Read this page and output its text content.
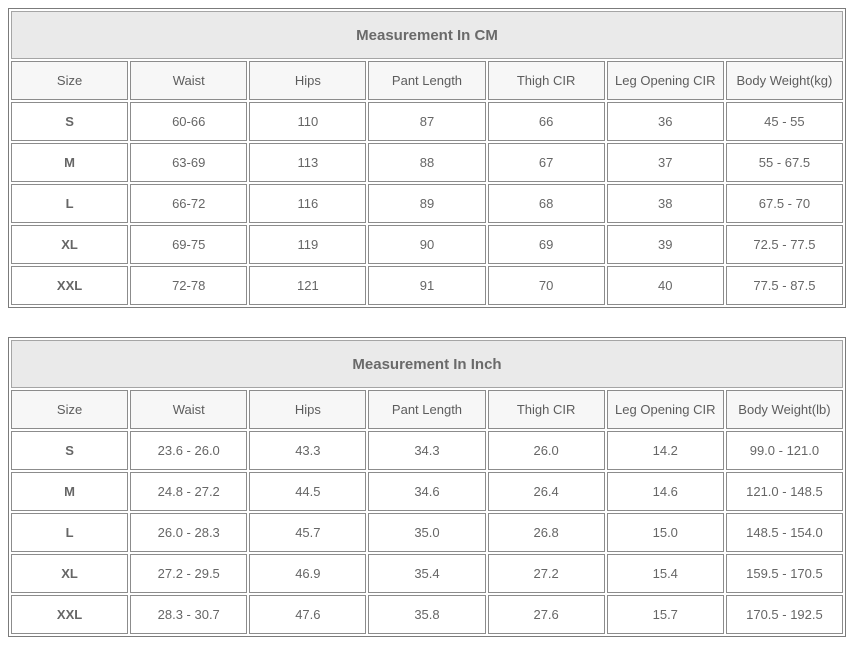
Measurement In CM						
Size	Waist	Hips	Pant Length	Thigh CIR	Leg Opening CIR	Body Weight(kg)
S	60-66	110	87	66	36	45 - 55
M	63-69	113	88	67	37	55 - 67.5
L	66-72	116	89	68	38	67.5 - 70
XL	69-75	119	90	69	39	72.5 - 77.5
XXL	72-78	121	91	70	40	77.5 - 87.5
Measurement In Inch						
Size	Waist	Hips	Pant Length	Thigh CIR	Leg Opening CIR	Body Weight(lb)
S	23.6 - 26.0	43.3	34.3	26.0	14.2	99.0 - 121.0
M	24.8 - 27.2	44.5	34.6	26.4	14.6	121.0 - 148.5
L	26.0 - 28.3	45.7	35.0	26.8	15.0	148.5 - 154.0
XL	27.2 - 29.5	46.9	35.4	27.2	15.4	159.5 - 170.5
XXL	28.3 - 30.7	47.6	35.8	27.6	15.7	170.5 - 192.5
